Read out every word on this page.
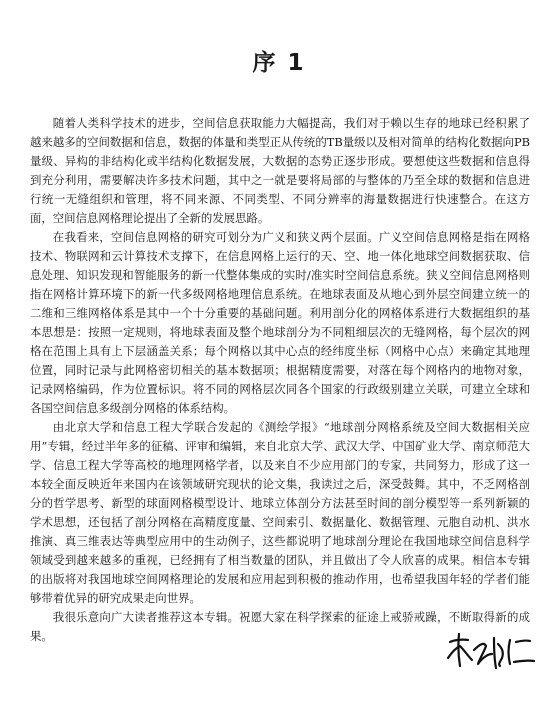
序 1

随着人类科学技术的进步，空间信息获取能力大幅提高，我们对于赖以生存的地球已经积累了越来越多的空间数据和信息，数据的体量和类型正从传统的TB量级以及相对简单的结构化数据向PB量级、异构的非结构化或半结构化数据发展，大数据的态势正逐步形成。要想使这些数据和信息得到充分利用，需要解决许多技术问题，其中之一就是要将局部的与整体的乃至全球的数据和信息进行统一无缝组织和管理，将不同来源、不同类型、不同分辨率的海量数据进行快速整合。在这方面，空间信息网格理论提出了全新的发展思路。

在我看来，空间信息网格的研究可划分为广义和狭义两个层面。广义空间信息网格是指在网格技术、物联网和云计算技术支撑下，在信息网格上运行的天、空、地一体化地球空间数据获取、信息处理、知识发现和智能服务的新一代整体集成的实时/准实时空间信息系统。狭义空间信息网格则指在网格计算环境下的新一代多级网格地理信息系统。在地球表面及从地心到外层空间建立统一的二维和三维网格体系是其中一个十分重要的基础问题。利用剖分化的网格体系进行大数据组织的基本思想是：按照一定规则，将地球表面及整个地球剖分为不同粗细层次的无缝网格，每个层次的网格在范围上具有上下层涵盖关系；每个网格以其中心点的经纬度坐标（网格中心点）来确定其地理位置，同时记录与此网格密切相关的基本数据项；根据精度需要，对落在每个网格内的地物对象，记录网格编码，作为位置标识。将不同的网格层次同各个国家的行政级别建立关联，可建立全球和各国空间信息多级剖分网格的体系结构。

由北京大学和信息工程大学联合发起的《测绘学报》“地球剖分网格系统及空间大数据相关应用”专辑，经过半年多的征稿、评审和编辑，来自北京大学、武汉大学、中国矿业大学、南京师范大学、信息工程大学等高校的地理网格学者，以及来自不少应用部门的专家，共同努力，形成了这一本较全面反映近年来国内在该领域研究现状的论文集，我读过之后，深受鼓舞。其中，不乏网格剖分的哲学思考、新型的球面网格模型设计、地球立体剖分方法甚至时间的剖分模型等一系列新颖的学术思想，还包括了剖分网格在高精度度量、空间索引、数据量化、数据管理、元胞自动机、洪水推演、真三维表达等典型应用中的生动例子，这些都说明了地球剖分理论在我国地球空间信息科学领域受到越来越多的重视，已经拥有了相当数量的团队，并且做出了令人欣喜的成果。相信本专辑的出版将对我国地球空间网格理论的发展和应用起到积极的推动作用，也希望我国年轻的学者们能够带着优异的研究成果走向世界。

我很乐意向广大读者推荐这本专辑。祝愿大家在科学探索的征途上戒骄戒躁，不断取得新的成果。
